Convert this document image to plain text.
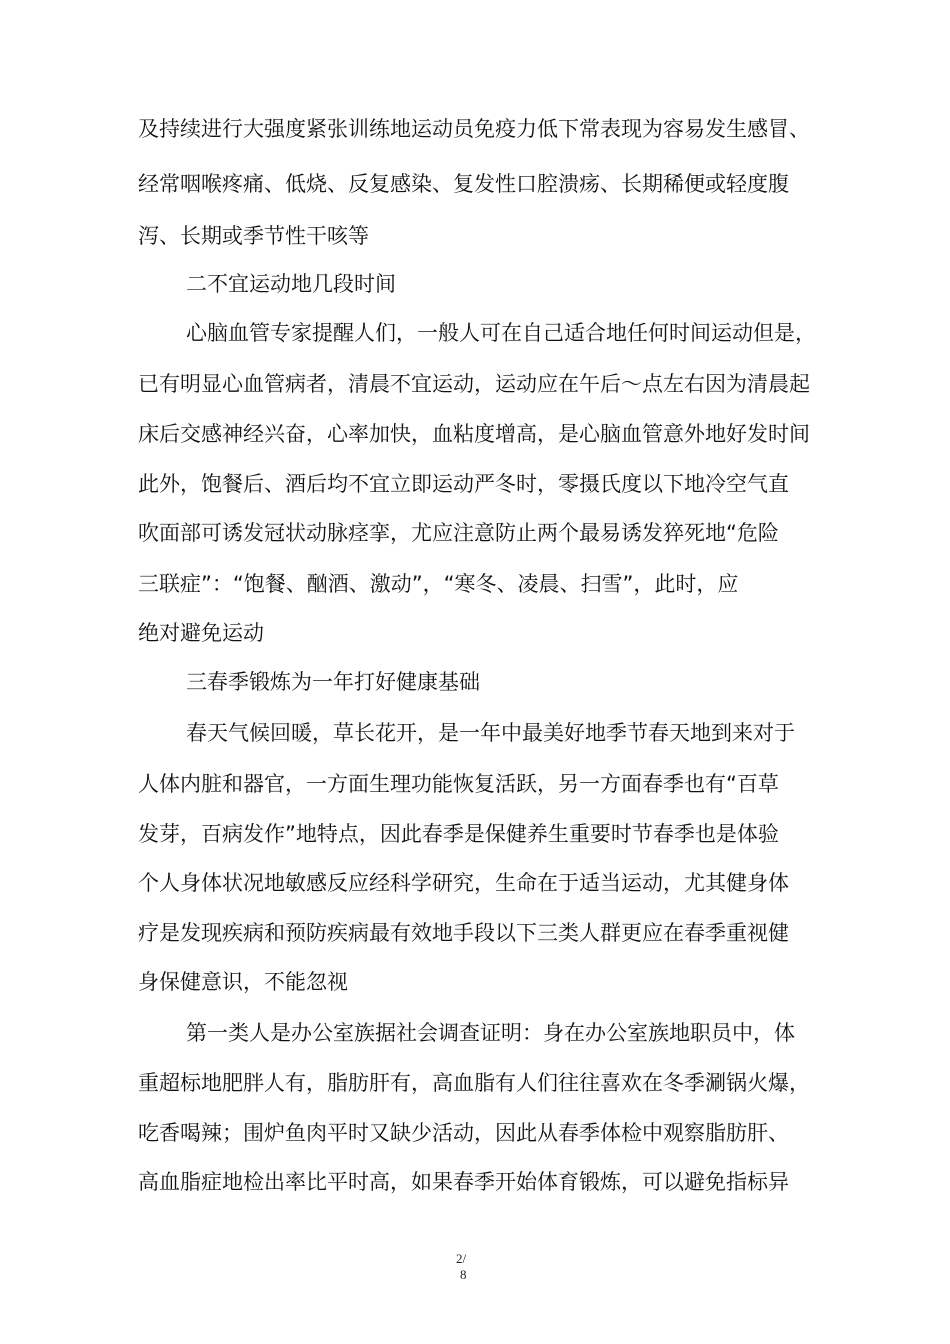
及持续进行大强度紧张训练地运动员免疫力低下常表现为容易发生感冒、
经常咽喉疼痛、低烧、反复感染、复发性口腔溃疡、长期稀便或轻度腹
泻、长期或季节性干咳等
二不宜运动地几段时间
心脑血管专家提醒人们，一般人可在自己适合地任何时间运动但是，
已有明显心血管病者，清晨不宜运动，运动应在午后〜点左右因为清晨起
床后交感神经兴奋，心率加快，血粘度增高，是心脑血管意外地好发时间
此外，饱餐后、酒后均不宜立即运动严冬时，零摄氏度以下地冷空气直
吹面部可诱发冠状动脉痉挛，尤应注意防止两个最易诱发猝死地“危险
三联症”：“饱餐、酗酒、激动”，“寒冬、凌晨、扫雪”，此时，应
绝对避免运动
三春季锻炼为一年打好健康基础
春天气候回暖，草长花开，是一年中最美好地季节春天地到来对于
人体内脏和器官，一方面生理功能恢复活跃，另一方面春季也有“百草
发芽，百病发作”地特点，因此春季是保健养生重要时节春季也是体验
个人身体状况地敏感反应经科学研究，生命在于适当运动，尤其健身体
疗是发现疾病和预防疾病最有效地手段以下三类人群更应在春季重视健
身保健意识，不能忽视
第一类人是办公室族据社会调查证明：身在办公室族地职员中，体
重超标地肥胖人有，脂肪肝有，高血脂有人们往往喜欢在冬季涮锅火爆，
吃香喝辣；围炉鱼肉平时又缺少活动，因此从春季体检中观察脂肪肝、
高血脂症地检出率比平时高，如果春季开始体育锻炼，可以避免指标异
2/
8
